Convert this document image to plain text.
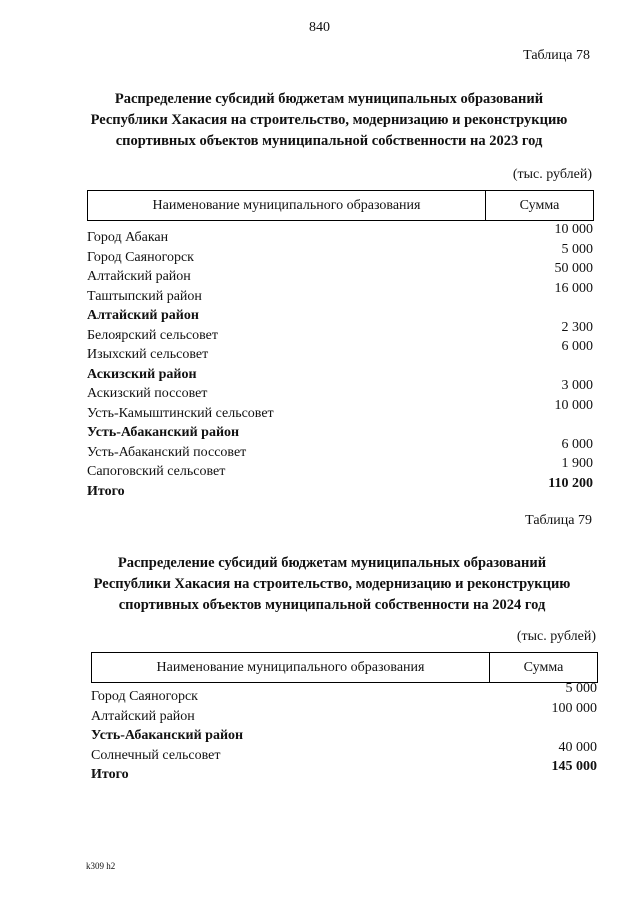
840
Таблица 78
Распределение субсидий бюджетам муниципальных образований
Республики Хакасия на строительство, модернизацию и реконструкцию
спортивных объектов муниципальной собственности на 2023 год
(тыс. рублей)
Наименование муниципального образования	Сумма
Город Абакан
10 000
Город Саяногорск
5 000
Алтайский район
50 000
Таштыпский район
16 000
Алтайский район
Белоярский сельсовет
2 300
Изыхский сельсовет
6 000
Аскизский район
Аскизский поссовет
3 000
Усть-Камыштинский сельсовет
10 000
Усть-Абаканский район
Усть-Абаканский поссовет
6 000
Сапоговский сельсовет
1 900
Итого
110 200
Таблица 79
Распределение субсидий бюджетам муниципальных образований
Республики Хакасия на строительство, модернизацию и реконструкцию
спортивных объектов муниципальной собственности на 2024 год
(тыс. рублей)
Наименование муниципального образования	Сумма
Город Саяногорск
5 000
Алтайский район
100 000
Усть-Абаканский район
Солнечный сельсовет
40 000
Итого
145 000
k309 h2
